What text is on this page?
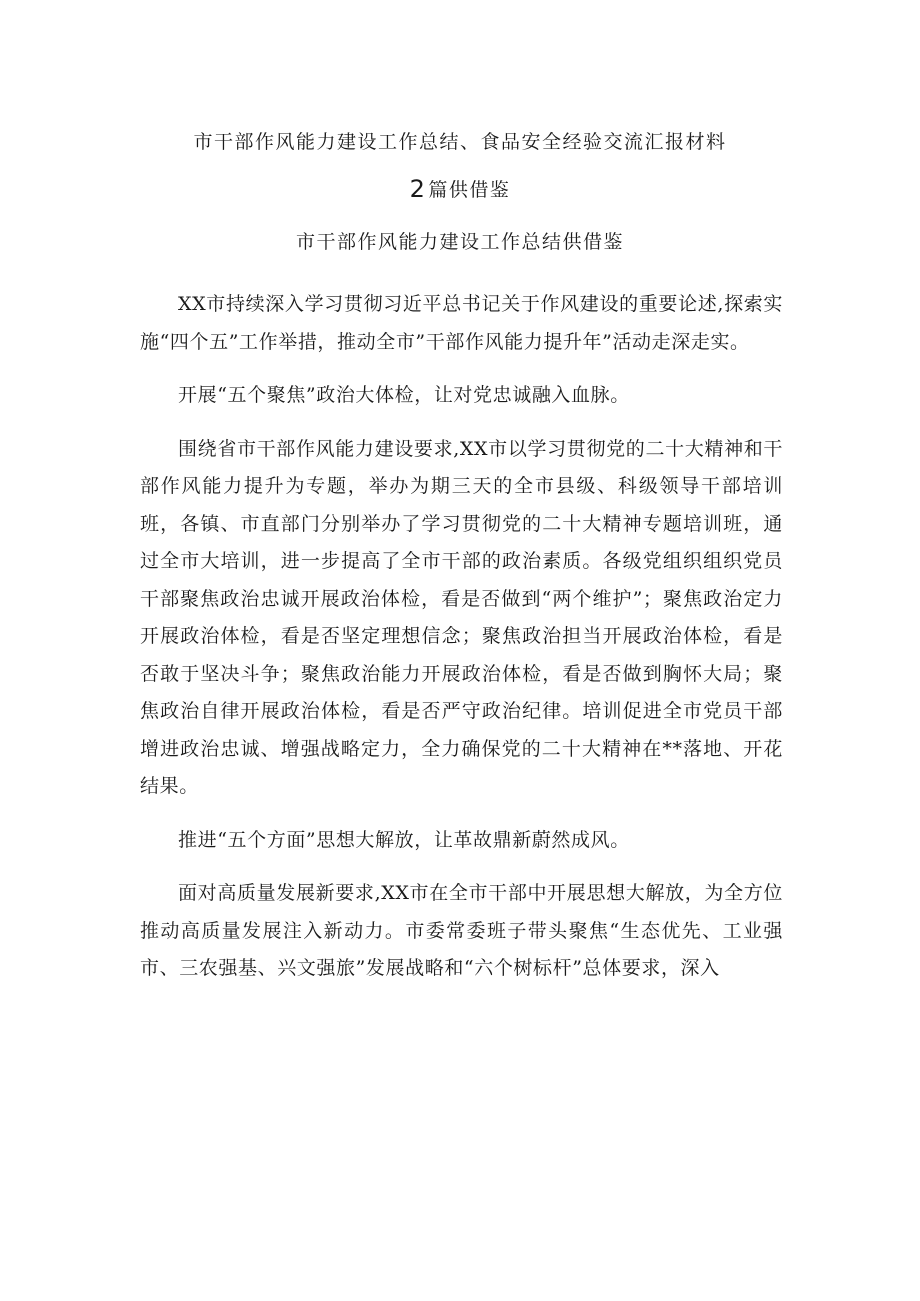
市干部作风能力建设工作总结、食品安全经验交流汇报材料
2 篇供借鉴
市干部作风能力建设工作总结供借鉴

XX市持续深入学习贯彻习近平总书记关于作风建设的重要论述,探索实施“四个五”工作举措，推动全市”干部作风能力提升年”活动走深走实。

开展“五个聚焦”政治大体检，让对党忠诚融入血脉。

围绕省市干部作风能力建设要求,XX市以学习贯彻党的二十大精神和干部作风能力提升为专题，举办为期三天的全市县级、科级领导干部培训班，各镇、市直部门分别举办了学习贯彻党的二十大精神专题培训班，通过全市大培训，进一步提高了全市干部的政治素质。各级党组织组织党员干部聚焦政治忠诚开展政治体检，看是否做到“两个维护”；聚焦政治定力开展政治体检，看是否坚定理想信念；聚焦政治担当开展政治体检，看是否敢于坚决斗争；聚焦政治能力开展政治体检，看是否做到胸怀大局；聚焦政治自律开展政治体检，看是否严守政治纪律。培训促进全市党员干部增进政治忠诚、增强战略定力，全力确保党的二十大精神在**落地、开花结果。

推进“五个方面”思想大解放，让革故鼎新蔚然成风。

面对高质量发展新要求,XX市在全市干部中开展思想大解放，为全方位推动高质量发展注入新动力。市委常委班子带头聚焦“生态优先、工业强市、三农强基、兴文强旅”发展战略和“六个树标杆”总体要求，深入
